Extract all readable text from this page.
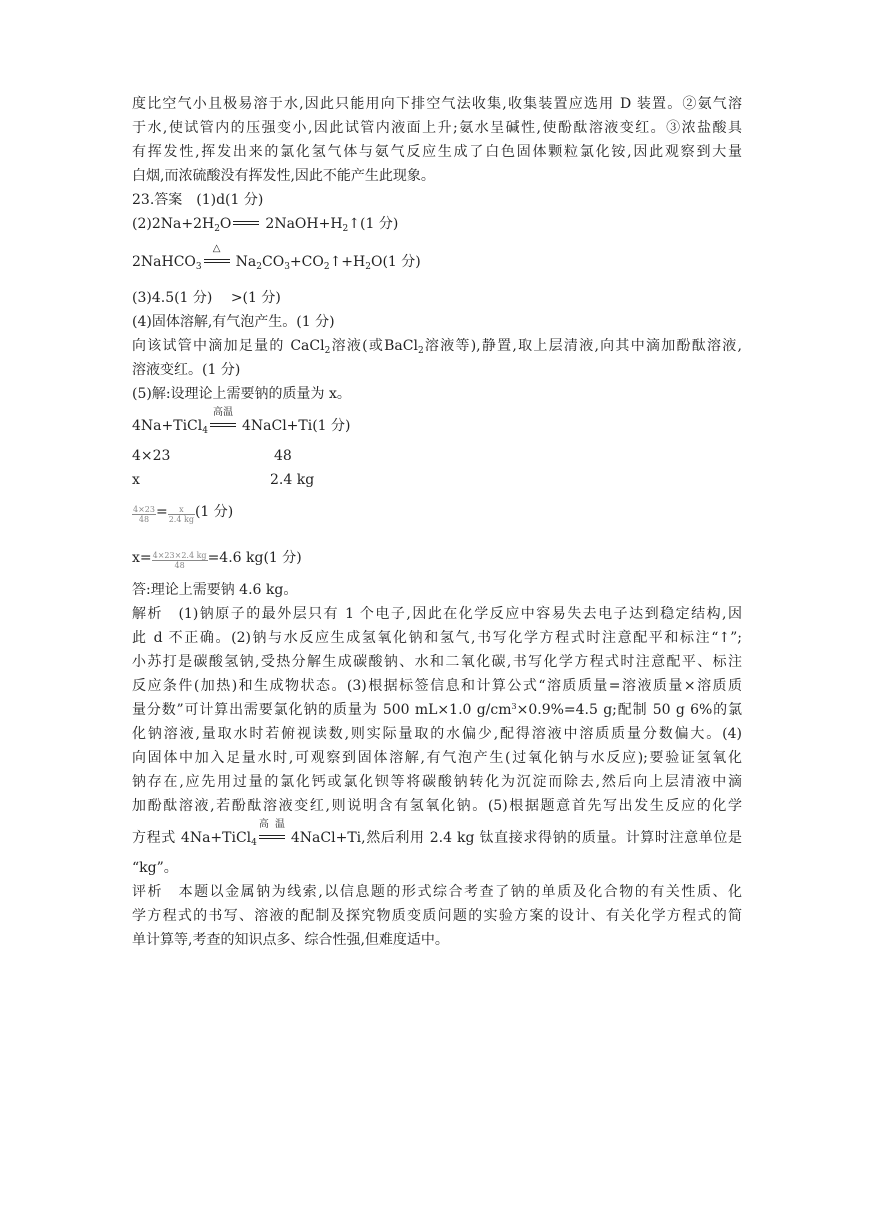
度比空气小且极易溶于水,因此只能用向下排空气法收集,收集装置应选用 D 装置。②氨气溶
于水,使试管内的压强变小,因此试管内液面上升;氨水呈碱性,使酚酞溶液变红。③浓盐酸具
有挥发性,挥发出来的氯化氢气体与氨气反应生成了白色固体颗粒氯化铵,因此观察到大量
白烟,而浓硫酸没有挥发性,因此不能产生此现象。
23.答案　(1)d(1 分)
$(2)2Na+2H_2O$ $2NaOH+H_2↑(1$ 分)
2NaHCO$_3$
△
$Na_2CO_3+CO_2↑+H_2O(1$ 分)
(3)4.5(1 分)　 >(1 分)
(4)固体溶解,有气泡产生。(1 分)
向该试管中滴加足量的 CaCl$_2$溶液(或BaCl$_2$溶液等),静置,取上层清液,向其中滴加酚酞溶液,
溶液变红。(1 分)
(5)解:设理论上需要钠的质量为 x。
4Na+TiCl$_4$
高温
4NaCl+Ti(1 分)
4×23	48
x	2.4 kg
$\frac{4\times 23}{48} = \frac{x}{2.4 kg} (1$ 分)
$x= \frac{4\times 23\times 2.4 kg}{48} =4.6$ kg(1 分)
答:理论上需要钠 4.6 kg。
解析　(1)钠原子的最外层只有 1 个电子,因此在化学反应中容易失去电子达到稳定结构,因
此 d 不正确。(2)钠与水反应生成氢氧化钠和氢气,书写化学方程式时注意配平和标注“↑”;
小苏打是碳酸氢钠,受热分解生成碳酸钠、水和二氧化碳,书写化学方程式时注意配平、标注
反应条件(加热)和生成物状态。(3)根据标签信息和计算公式“溶质质量=溶液质量×溶质质
量分数”可计算出需要氯化钠的质量为 500 mL×1.0 $g/cm^3\times 0.9\%=4.5$ g;配制 50 g 6%的氯
化钠溶液,量取水时若俯视读数,则实际量取的水偏少,配得溶液中溶质质量分数偏大。(4)
向固体中加入足量水时,可观察到固体溶解,有气泡产生(过氧化钠与水反应);要验证氢氧化
钠存在,应先用过量的氯化钙或氯化钡等将碳酸钠转化为沉淀而除去,然后向上层清液中滴
加酚酞溶液,若酚酞溶液变红,则说明含有氢氧化钠。(5)根据题意首先写出发生反应的化学
方程式 4Na+TiCl$_4$
高温
4NaCl+Ti,然后利用 2.4 kg 钛直接求得钠的质量。计算时注意单位是
“kg”。
评析　本题以金属钠为线索,以信息题的形式综合考查了钠的单质及化合物的有关性质、化
学方程式的书写、溶液的配制及探究物质变质问题的实验方案的设计、有关化学方程式的简
单计算等,考查的知识点多、综合性强,但难度适中。
